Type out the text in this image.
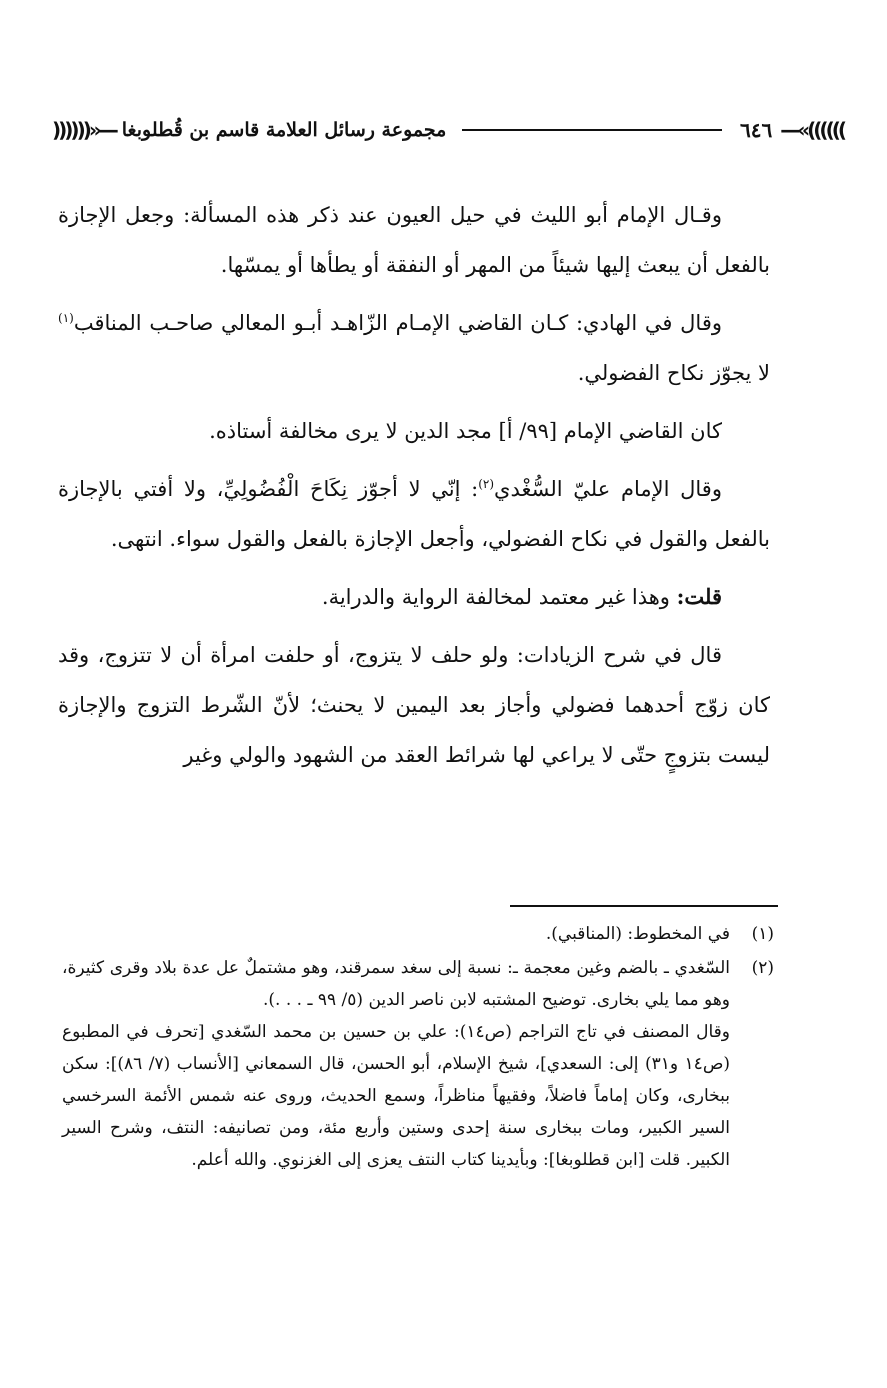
—«((((((
٦٤٦
مجموعة رسائل العلامة قاسم بن قُطلوبغا
))))))»—

وقـال الإمام أبو الليث في حيل العيون عند ذكر هذه المسألة: وجعل الإجازة بالفعل أن يبعث إليها شيئاً من المهر أو النفقة أو يطأها أو يمسّها.

وقال في الهادي: كـان القاضي الإمـام الزّاهـد أبـو المعالي صاحـب المناقب$^{(١)}$ لا يجوّز نكاح الفضولي.

كان القاضي الإمام [٩٩/ أ] مجد الدين لا يرى مخالفة أستاذه.

وقال الإمام عليّ السُّغْدي$^{(٢)}$: إنّي لا أجوّز نِكَاحَ الْفُضُولِيِّ، ولا أفتي بالإجازة بالفعل والقول في نكاح الفضولي، وأجعل الإجازة بالفعل والقول سواء. انتهى.

قلت: وهذا غير معتمد لمخالفة الرواية والدراية.

قال في شرح الزيادات: ولو حلف لا يتزوج، أو حلفت امرأة أن لا تتزوج، وقد كان زوّج أحدهما فضولي وأجاز بعد اليمين لا يحنث؛ لأنّ الشّرط التزوج والإجازة ليست بتزوجٍ حتّى لا يراعي لها شرائط العقد من الشهود والولي وغير

(١)

في المخطوط: (المناقبي).

(٢)

السّغدي ـ بالضم وغين معجمة ـ: نسبة إلى سغد سمرقند، وهو مشتملٌ عل عدة بلاد وقرى كثيرة، وهو مما يلي بخارى. توضيح المشتبه لابن ناصر الدين (٥/ ٩٩ ـ . . .).

وقال المصنف في تاج التراجم (ص١٤): علي بن حسين بن محمد السّغدي [تحرف في المطبوع (ص١٤ و٣١) إلى: السعدي]، شيخ الإسلام، أبو الحسن، قال السمعاني [الأنساب (٧/ ٨٦)]: سكن ببخارى، وكان إماماً فاضلاً، وفقيهاً مناظراً، وسمع الحديث، وروى عنه شمس الأئمة السرخسي السير الكبير، ومات ببخارى سنة إحدى وستين وأربع مئة، ومن تصانيفه: النتف، وشرح السير الكبير. قلت [ابن قطلوبغا]: وبأيدينا كتاب النتف يعزى إلى الغزنوي. والله أعلم.
